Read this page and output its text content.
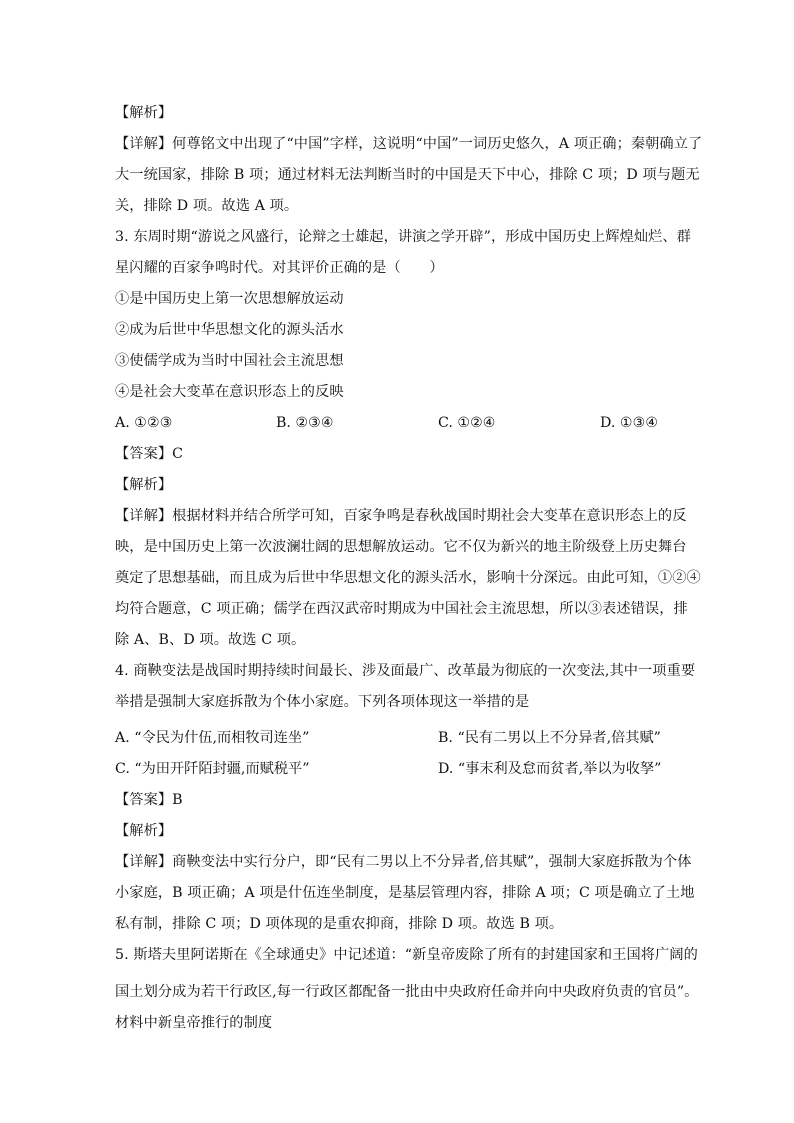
【解析】
【详解】何尊铭文中出现了“中国”字样，这说明“中国”一词历史悠久，A 项正确；秦朝确立了
大一统国家，排除 B 项；通过材料无法判断当时的中国是天下中心，排除 C 项；D 项与题无
关，排除 D 项。故选 A 项。
3. 东周时期“游说之风盛行，论辩之士雄起，讲演之学开辟”，形成中国历史上辉煌灿烂、群
星闪耀的百家争鸣时代。对其评价正确的是（　　）
①是中国历史上第一次思想解放运动
②成为后世中华思想文化的源头活水
③使儒学成为当时中国社会主流思想
④是社会大变革在意识形态上的反映
A. ①②③	B. ②③④	C. ①②④	D. ①③④
【答案】C
【解析】
【详解】根据材料并结合所学可知，百家争鸣是春秋战国时期社会大变革在意识形态上的反
映，是中国历史上第一次波澜壮阔的思想解放运动。它不仅为新兴的地主阶级登上历史舞台
奠定了思想基础，而且成为后世中华思想文化的源头活水，影响十分深远。由此可知，①②④
均符合题意，C 项正确；儒学在西汉武帝时期成为中国社会主流思想，所以③表述错误，排
除 A、B、D 项。故选 C 项。
4. 商鞅变法是战国时期持续时间最长、涉及面最广、改革最为彻底的一次变法,其中一项重要
举措是强制大家庭拆散为个体小家庭。下列各项体现这一举措的是
A. “令民为什伍,而相牧司连坐”	B. “民有二男以上不分异者,倍其赋”
C. “为田开阡陌封疆,而赋税平”	D. “事末利及怠而贫者,举以为收孥”
【答案】B
【解析】
【详解】商鞅变法中实行分户，即“民有二男以上不分异者,倍其赋”，强制大家庭拆散为个体
小家庭，B 项正确；A 项是什伍连坐制度，是基层管理内容，排除 A 项；C 项是确立了土地
私有制，排除 C 项；D 项体现的是重农抑商，排除 D 项。故选 B 项。
5. 斯塔夫里阿诺斯在《全球通史》中记述道：“新皇帝废除了所有的封建国家和王国将广阔的
国土划分成为若干行政区,每一行政区都配备一批由中央政府任命并向中央政府负责的官员”。
材料中新皇帝推行的制度
